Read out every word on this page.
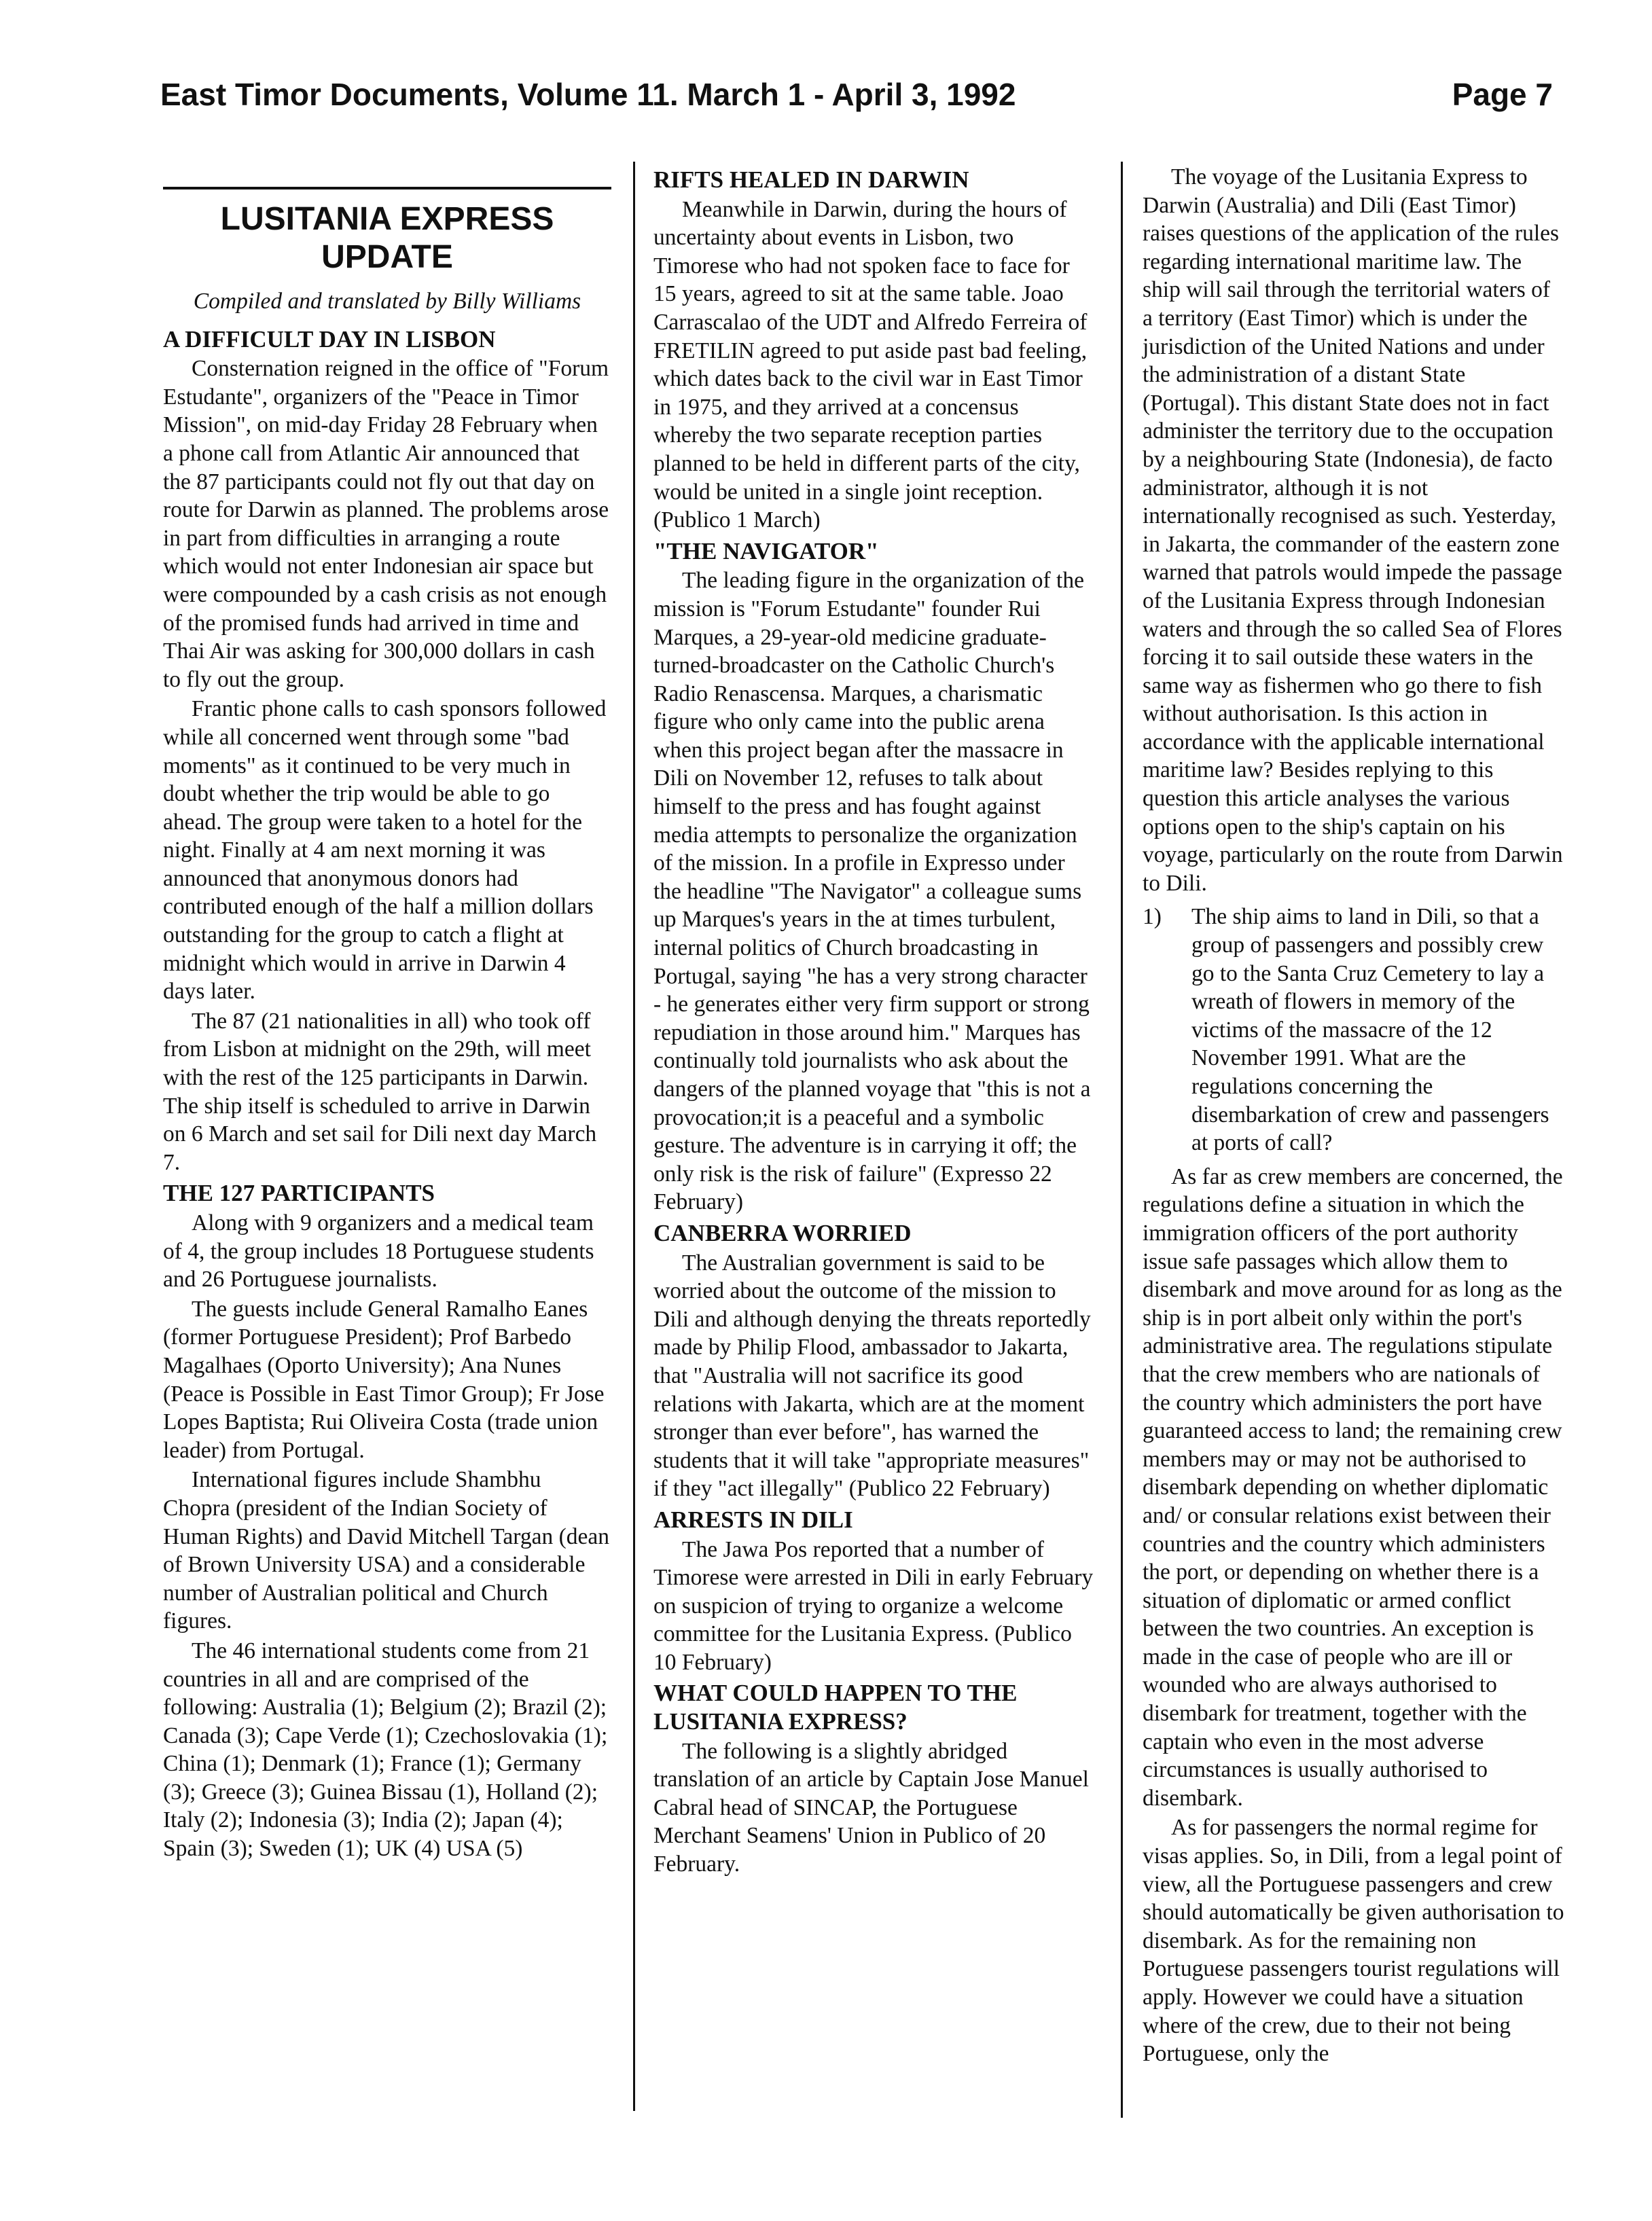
East Timor Documents, Volume 11. March 1 - April 3, 1992	Page 7
LUSITANIA EXPRESS UPDATE
Compiled and translated by Billy Williams
A DIFFICULT DAY IN LISBON

Consternation reigned in the office of "Forum Estudante", organizers of the "Peace in Timor Mission", on mid-day Friday 28 February when a phone call from Atlantic Air announced that the 87 participants could not fly out that day on route for Darwin as planned. The problems arose in part from difficulties in arranging a route which would not enter Indonesian air space but were compounded by a cash crisis as not enough of the promised funds had arrived in time and Thai Air was asking for 300,000 dollars in cash to fly out the group.

Frantic phone calls to cash sponsors followed while all concerned went through some "bad moments" as it continued to be very much in doubt whether the trip would be able to go ahead. The group were taken to a hotel for the night. Finally at 4 am next morning it was announced that anonymous donors had contributed enough of the half a million dollars outstanding for the group to catch a flight at midnight which would in arrive in Darwin 4 days later.

The 87 (21 nationalities in all) who took off from Lisbon at midnight on the 29th, will meet with the rest of the 125 participants in Darwin. The ship itself is scheduled to arrive in Darwin on 6 March and set sail for Dili next day March 7.

THE 127 PARTICIPANTS

Along with 9 organizers and a medical team of 4, the group includes 18 Portuguese students and 26 Portuguese journalists.

The guests include General Ramalho Eanes (former Portuguese President); Prof Barbedo Magalhaes (Oporto University); Ana Nunes (Peace is Possible in East Timor Group); Fr Jose Lopes Baptista; Rui Oliveira Costa (trade union leader) from Portugal.

International figures include Shambhu Chopra (president of the Indian Society of Human Rights) and David Mitchell Targan (dean of Brown University USA) and a considerable number of Australian political and Church figures.

The 46 international students come from 21 countries in all and are comprised of the following: Australia (1); Belgium (2); Brazil (2); Canada (3); Cape Verde (1); Czechoslovakia (1); China (1); Denmark (1); France (1); Germany (3); Greece (3); Guinea Bissau (1), Holland (2); Italy (2); Indonesia (3); India (2); Japan (4); Spain (3); Sweden (1); UK (4) USA (5)

RIFTS HEALED IN DARWIN

Meanwhile in Darwin, during the hours of uncertainty about events in Lisbon, two Timorese who had not spoken face to face for 15 years, agreed to sit at the same table. Joao Carrascalao of the UDT and Alfredo Ferreira of FRETILIN agreed to put aside past bad feeling, which dates back to the civil war in East Timor in 1975, and they arrived at a concensus whereby the two separate reception parties planned to be held in different parts of the city, would be united in a single joint reception. (Publico 1 March)

"THE NAVIGATOR"

The leading figure in the organization of the mission is "Forum Estudante" founder Rui Marques, a 29-year-old medicine graduate-turned-broadcaster on the Catholic Church's Radio Renascensa. Marques, a charismatic figure who only came into the public arena when this project began after the massacre in Dili on November 12, refuses to talk about himself to the press and has fought against media attempts to personalize the organization of the mission. In a profile in Expresso under the headline "The Navigator" a colleague sums up Marques's years in the at times turbulent, internal politics of Church broadcasting in Portugal, saying "he has a very strong character - he generates either very firm support or strong repudiation in those around him." Marques has continually told journalists who ask about the dangers of the planned voyage that "this is not a provocation;it is a peaceful and a symbolic gesture. The adventure is in carrying it off; the only risk is the risk of failure" (Expresso 22 February)

CANBERRA WORRIED

The Australian government is said to be worried about the outcome of the mission to Dili and although denying the threats reportedly made by Philip Flood, ambassador to Jakarta, that "Australia will not sacrifice its good relations with Jakarta, which are at the moment stronger than ever before", has warned the students that it will take "appropriate measures" if they "act illegally" (Publico 22 February)

ARRESTS IN DILI

The Jawa Pos reported that a number of Timorese were arrested in Dili in early February on suspicion of trying to organize a welcome committee for the Lusitania Express. (Publico 10 February)

WHAT COULD HAPPEN TO THE LUSITANIA EXPRESS?

The following is a slightly abridged translation of an article by Captain Jose Manuel Cabral head of SINCAP, the Portuguese Merchant Seamens' Union in Publico of 20 February.

The voyage of the Lusitania Express to Darwin (Australia) and Dili (East Timor) raises questions of the application of the rules regarding international maritime law. The ship will sail through the territorial waters of a territory (East Timor) which is under the jurisdiction of the United Nations and under the administration of a distant State (Portugal). This distant State does not in fact administer the territory due to the occupation by a neighbouring State (Indonesia), de facto administrator, although it is not internationally recognised as such. Yesterday, in Jakarta, the commander of the eastern zone warned that patrols would impede the passage of the Lusitania Express through Indonesian waters and through the so called Sea of Flores forcing it to sail outside these waters in the same way as fishermen who go there to fish without authorisation. Is this action in accordance with the applicable international maritime law? Besides replying to this question this article analyses the various options open to the ship's captain on his voyage, particularly on the route from Darwin to Dili.

1) The ship aims to land in Dili, so that a group of passengers and possibly crew go to the Santa Cruz Cemetery to lay a wreath of flowers in memory of the victims of the massacre of the 12 November 1991. What are the regulations concerning the disembarkation of crew and passengers at ports of call?

As far as crew members are concerned, the regulations define a situation in which the immigration officers of the port authority issue safe passages which allow them to disembark and move around for as long as the ship is in port albeit only within the port's administrative area. The regulations stipulate that the crew members who are nationals of the country which administers the port have guaranteed access to land; the remaining crew members may or may not be authorised to disembark depending on whether diplomatic and/ or consular relations exist between their countries and the country which administers the port, or depending on whether there is a situation of diplomatic or armed conflict between the two countries. An exception is made in the case of people who are ill or wounded who are always authorised to disembark for treatment, together with the captain who even in the most adverse circumstances is usually authorised to disembark.

As for passengers the normal regime for visas applies. So, in Dili, from a legal point of view, all the Portuguese passengers and crew should automatically be given authorisation to disembark. As for the remaining non Portuguese passengers tourist regulations will apply. However we could have a situation where of the crew, due to their not being Portuguese, only the
